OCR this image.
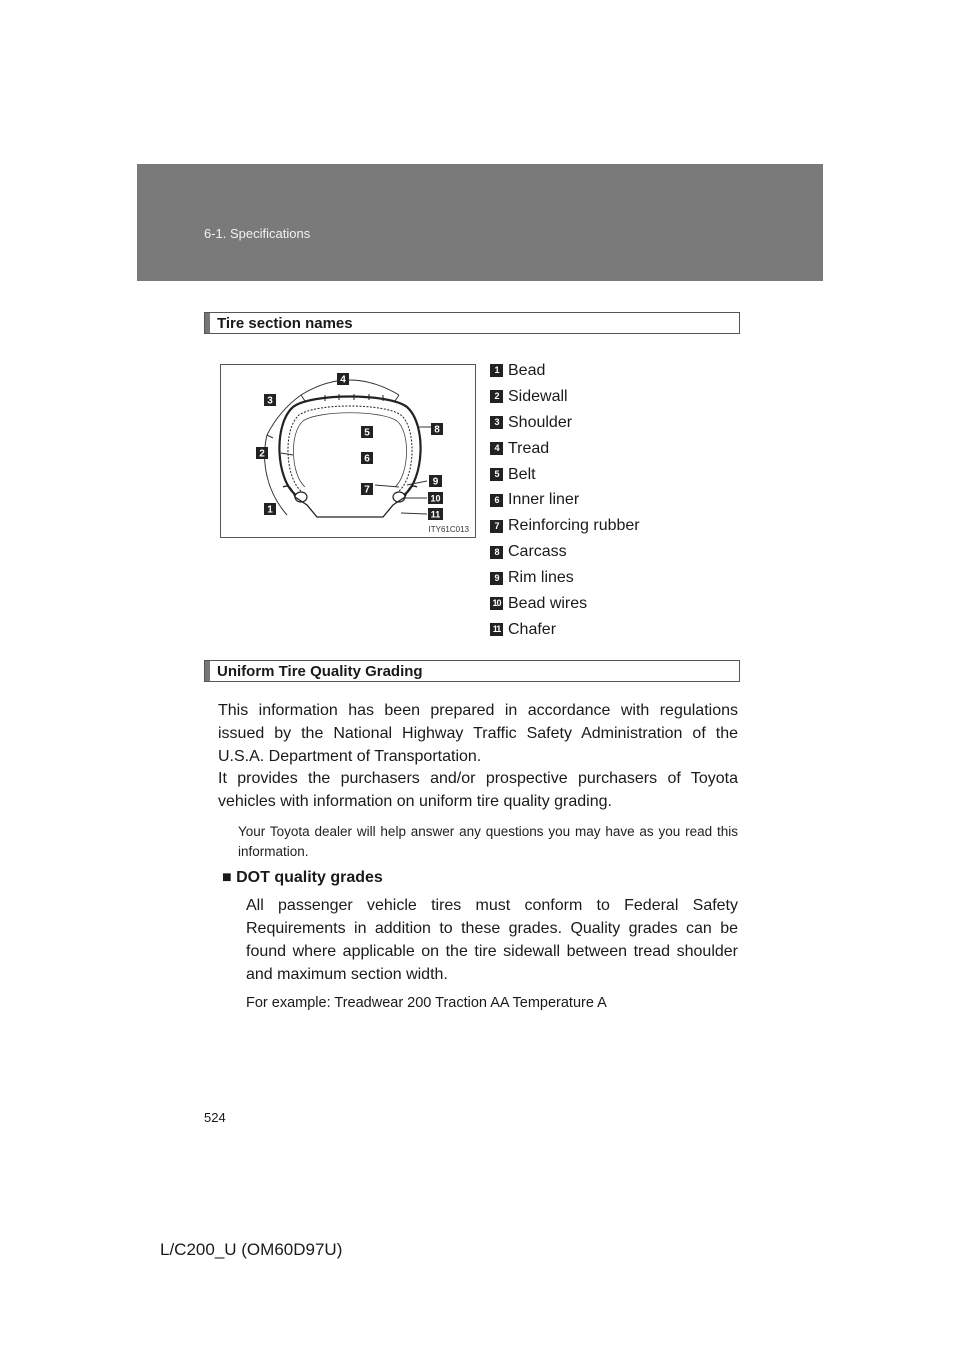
6-1. Specifications
Tire section names
1
2
3
4
5
6
7
8
9
10
11
ITY61C013
1 Bead
2 Sidewall
3 Shoulder
4 Tread
5 Belt
6 Inner liner
7 Reinforcing rubber
8 Carcass
9 Rim lines
10 Bead wires
11 Chafer
Uniform Tire Quality Grading
This information has been prepared in accordance with regulations issued by the National Highway Traffic Safety Administration of the U.S.A. Department of Transportation.
It provides the purchasers and/or prospective purchasers of Toyota vehicles with information on uniform tire quality grading.
Your Toyota dealer will help answer any questions you may have as you read this information.
■ DOT quality grades
All passenger vehicle tires must conform to Federal Safety Requirements in addition to these grades. Quality grades can be found where applicable on the tire sidewall between tread shoulder and maximum section width.
For example: Treadwear 200 Traction AA Temperature A
524
L/C200_U (OM60D97U)
